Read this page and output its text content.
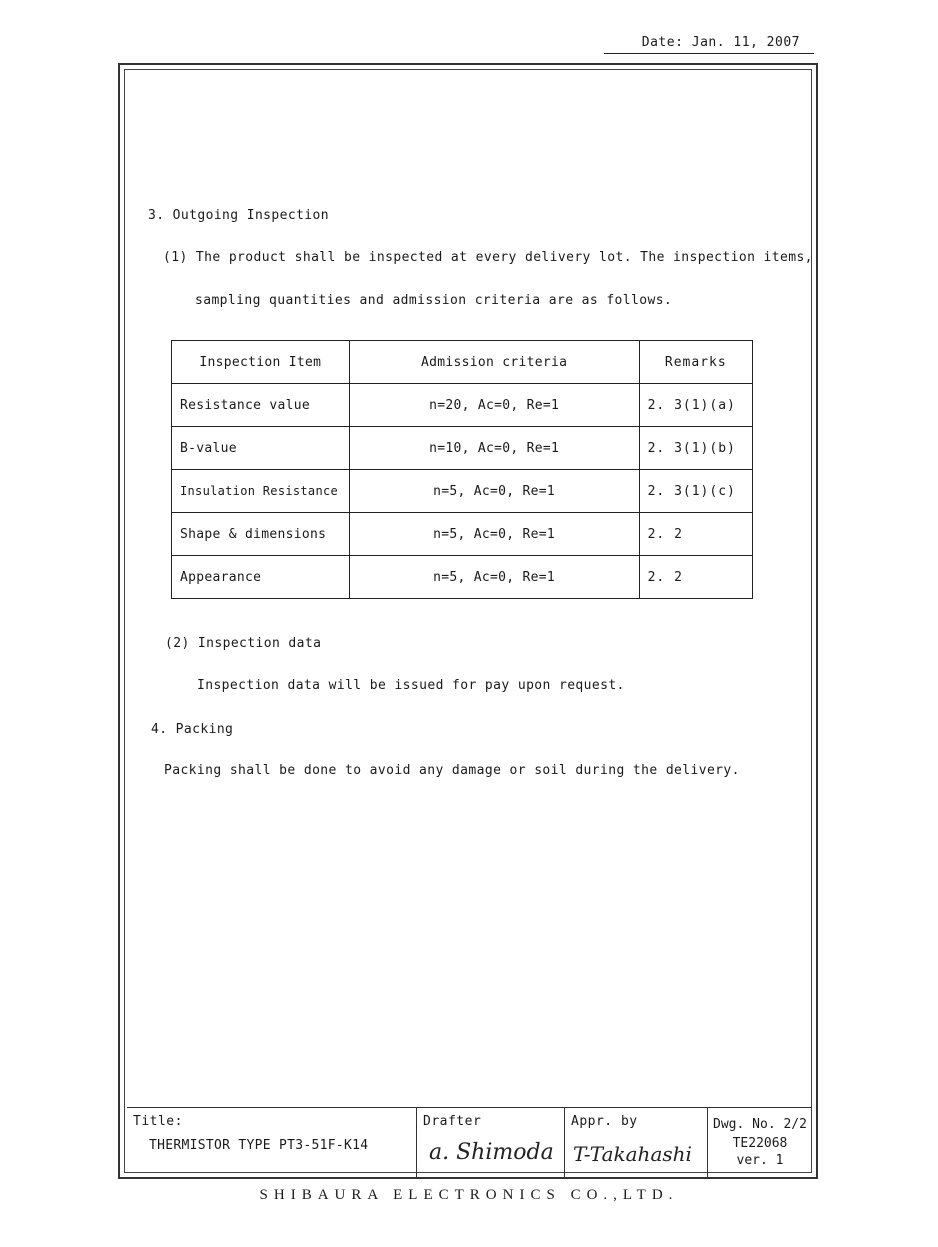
Date: Jan. 11, 2007
3. Outgoing Inspection
(1) The product shall be inspected at every delivery lot. The inspection items,
sampling quantities and admission criteria are as follows.
Inspection Item	Admission criteria	Remarks
Resistance value	n=20, Ac=0, Re=1	2. 3(1)(a)
B-value	n=10, Ac=0, Re=1	2. 3(1)(b)
Insulation Resistance	n=5, Ac=0, Re=1	2. 3(1)(c)
Shape & dimensions	n=5, Ac=0, Re=1	2. 2
Appearance	n=5, Ac=0, Re=1	2. 2
(2) Inspection data
Inspection data will be issued for pay upon request.
4. Packing
Packing shall be done to avoid any damage or soil during the delivery.
Title:
THERMISTOR TYPE PT3-51F-K14
Drafter
a. Shimoda
Appr. by
T-Takahashi
Dwg. No. 2/2
TE22068
ver. 1
SHIBAURA ELECTRONICS CO.,LTD.
